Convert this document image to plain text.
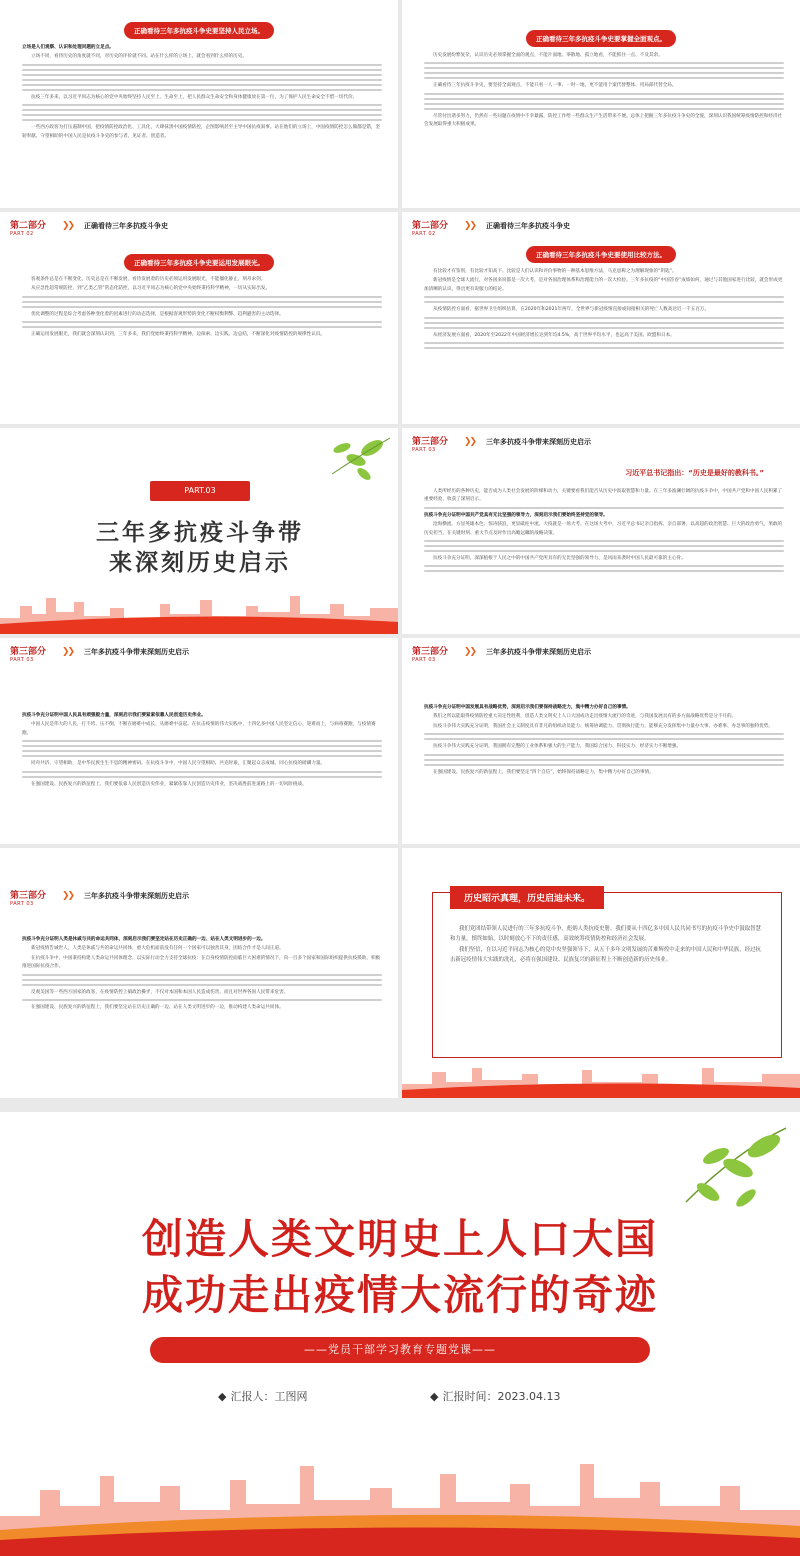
正确看待三年多抗疫斗争史要坚持人民立场。

立场是人们观察、认识和处理问题的立足点。

立场不同，看待历史的角度就不同，对历史的评价就不同。站在什么样的立场上，就会看到什么样的历史。

抗疫三年多来，以习近平同志为核心的党中央始终坚持人民至上、生命至上，把人民群众生命安全和身体健康放在第一位，为了保护人民生命安全不惜一切代价。

一些西方政客为打压遏制中国，把疫情防控政治化、工具化，大肆抹黑中国疫情防控，企图影响甚至主导中国抗疫叙事。站在他们的立场上，中国疫情防控怎么做都是错，坚韧奉献、守望相助的中国人民是抗疫斗争史的参与者、见证者、创造者。

正确看待三年多抗疫斗争史要掌握全面观点。

历史发展纷繁复杂，认识历史必须掌握全面的观点，不能片面地、零散地、孤立地看，不能抓住一点、不及其余。

正确看待三年抗疫斗争史，要坚持全面观点，不能只看一人一事、一时一地，更不能用个案代替整体、用局部代替全局。

尽管付出诸多努力，仍然有一些问题在疫情中不幸暴露，防控工作给一些群众生产生活带来不便。总体上把握三年多抗疫斗争史的全貌，深刻认识我国统筹疫情防控和经济社会发展取得重大积极成果。

第二部分
PART 02
❯❯ 正确看待三年多抗疫斗争史
正确看待三年多抗疫斗争史要运用发展眼光。

客观条件总是在不断变化，历史总是在不断发展，看待发展着的历史必须运用发展眼光，不能僵化静止、刻舟求剑。

从应急性超常规防控，到“乙类乙管”常态化防控，以习近平同志为核心的党中央始终秉持科学精神，一切从实际出发。

优化调整的过程是综合考虑各种变化着的因素进行的动态选择，是根据客观形势的变化不断权衡利弊、趋利避害的主动选择。

正确运用发展眼光，我们就会深刻认识到，三年多来，我们党始终秉持科学精神，边探索、边实践、边总结，不断深化对疫情防控的规律性认识。

第二部分
PART 02
❯❯ 正确看待三年多抗疫斗争史
正确看待三年多抗疫斗争史要使用比较方法。

有比较才有鉴别，有比较才知高下。比较是人们认识和评价事物的一种基本思维方法，马克思称之为理解现象的“钥匙”。

新冠疫情是全球大流行，对各国来说都是一次大考，是对各国治理体系和治理能力的一次大检验。三年多抗疫的“中国答卷”成绩如何，通过与其他国家进行比较，就会形成更加清晰的认识，得出更有说服力的结论。

从疫情防控方面看，据世界卫生组织估算，在2020年和2021年两年，全世界与新冠疫情直接或间接相关的死亡人数高达近一千五百万。

从经济发展方面看，2020年至2022年中国经济增长达到年均4.5%，高于世界平均水平，也远高于美国、欧盟和日本。

PART.03
三年多抗疫斗争带
来深刻历史启示
第三部分
PART 03
❯❯ 三年多抗疫斗争带来深刻历史启示
习近平总书记指出：“历史是最好的教科书。”

人类所经历的各种历史，能否成为人类社会发展的阶梯和动力，关键要看我们能否从历史中汲取智慧和力量。在三年多波澜壮阔的抗疫斗争中，中国共产党和中国人民积累了重要经验，收获了深刻启示。

抗疫斗争充分证明中国共产党具有无比坚强的领导力，深刻启示我们要始终坚持党的领导。

沧海横流，方显英雄本色；惊涛骇浪，更显砥柱中流。大疫就是一场大考。在这场大考中，习近平总书记亲自指挥、亲自部署，以高超的政治智慧、巨大的政治勇气、果敢的历史担当，在关键时刻、重大节点及时作出高瞻远瞩的战略决策。

抗疫斗争充分证明，深深植根于人民之中的中国共产党所具有的无比坚强的领导力，是风雨来袭时中国人民最可靠的主心骨。

第三部分
PART 03
❯❯ 三年多抗疫斗争带来深刻历史启示

抗疫斗争充分证明中国人民具有顽强毅力量，深刻启示我们要紧紧依靠人民创造历史伟业。

中国人民是伟大的人民，打不垮、压不倒，不断在磨难中成长、从磨难中奋起。在抗击疫情的伟大实践中，十四亿多中国人民坚定信心、迎难而上，与病毒赛跑，与疫情赛跑。

同舟共济、守望相助，是中华民族生生不息的精神密码。在抗疫斗争中，中国人民守望相助、共克时艰，汇聚起众志成城、同心抗疫的磅礴力量。

在强国建设、民族复兴的新征程上，我们要依靠人民创造历史伟业，紧紧依靠人民创造历史伟业，坚决战胜前进道路上的一切风险挑战。

第三部分
PART 03
❯❯ 三年多抗疫斗争带来深刻历史启示

抗疫斗争充分证明中国发展具有战略优势，深刻启示我们要保持战略定力，集中精力办好自己的事情。

我们之所以能取得疫情防控重大决定性胜利，创造人类文明史上人口大国成功走出疫情大流行的奇迹，与我国发展具有的多方面战略优势是分不开的。

抗疫斗争伟大实践充分证明，我国社会主义制度具有非凡的组织动员能力、统筹协调能力、贯彻执行能力，能够充分发挥集中力量办大事、办难事、办急事的独特优势。

抗疫斗争伟大实践充分证明，我国拥有完整的工业体系和强大的生产能力，我国综合国力、科技实力、经济实力不断增强。

在强国建设、民族复兴的新征程上，我们要坚定“四个自信”，始终保持战略定力，集中精力办好自己的事情。

第三部分
PART 03
❯❯ 三年多抗疫斗争带来深刻历史启示

抗疫斗争充分证明人类是休戚与共的命运共同体，深刻启示我们要坚定站在历史正确的一边、站在人类文明进步的一边。

新冠疫情告诫世人，人类是休戚与共的命运共同体，重大危机面前没有任何一个国家可以独善其身，团结合作才是人间正道。

在抗疫斗争中，中国秉持构建人类命运共同体理念，以实际行动全力支持全球抗疫：在自身疫情防控面临巨大困难的情况下，向一百多个国家和国际组织提供抗疫援助，积极推进国际抗疫合作。

反观美国等一些西方国家的政客，在疫情防控上搞政治操弄，不仅对本国和本国人民造成伤害，而且对世界各国人民带来危害。

在强国建设、民族复兴的新征程上，我们要坚定站在历史正确的一边、站在人类文明进步的一边，推动构建人类命运共同体。

历史昭示真理，历史启迪未来。

我们党团结带领人民进行的三年多抗疫斗争，彪炳人类抗疫史册。我们要从十四亿多中国人民共同书写的抗疫斗争史中汲取智慧和力量，慎终如始，以时刻放心不下的责任感，高效统筹疫情防控和经济社会发展。

我们坚信，在以习近平同志为核心的党中央坚强领导下，从五千多年文明发展的苦难辉煌中走来的中国人民和中华民族，经过抗击新冠疫情伟大实践的洗礼，必将在强国建设、民族复兴的新征程上不断创造新的历史伟业。

创造人类文明史上人口大国
成功走出疫情大流行的奇迹
——党员干部学习教育专题党课——
◆ 汇报人：工图网	◆ 汇报时间：2023.04.13
